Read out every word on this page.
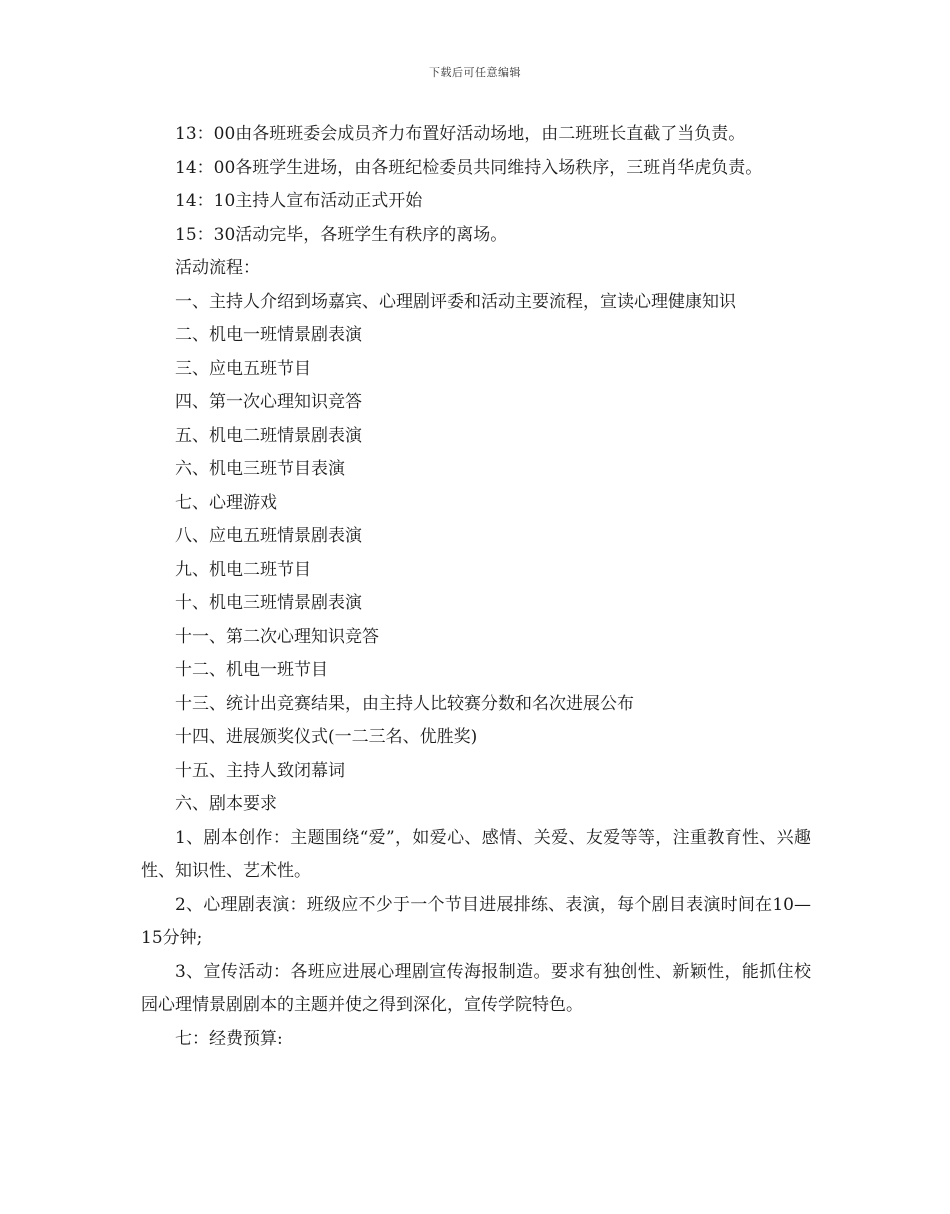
下载后可任意编辑

13：00由各班班委会成员齐力布置好活动场地，由二班班长直截了当负责。

14：00各班学生进场，由各班纪检委员共同维持入场秩序，三班肖华虎负责。

14：10主持人宣布活动正式开始

15：30活动完毕，各班学生有秩序的离场。

活动流程：

一、主持人介绍到场嘉宾、心理剧评委和活动主要流程，宣读心理健康知识

二、机电一班情景剧表演

三、应电五班节目

四、第一次心理知识竞答

五、机电二班情景剧表演

六、机电三班节目表演

七、心理游戏

八、应电五班情景剧表演

九、机电二班节目

十、机电三班情景剧表演

十一、第二次心理知识竞答

十二、机电一班节目

十三、统计出竞赛结果，由主持人比较赛分数和名次进展公布

十四、进展颁奖仪式(一二三名、优胜奖)

十五、主持人致闭幕词

六、剧本要求

1、剧本创作：主题围绕“爱”，如爱心、感情、关爱、友爱等等，注重教育性、兴趣性、知识性、艺术性。

2、心理剧表演：班级应不少于一个节目进展排练、表演，每个剧目表演时间在10—15分钟;

3、宣传活动：各班应进展心理剧宣传海报制造。要求有独创性、新颖性，能抓住校园心理情景剧剧本的主题并使之得到深化，宣传学院特色。

七：经费预算:
